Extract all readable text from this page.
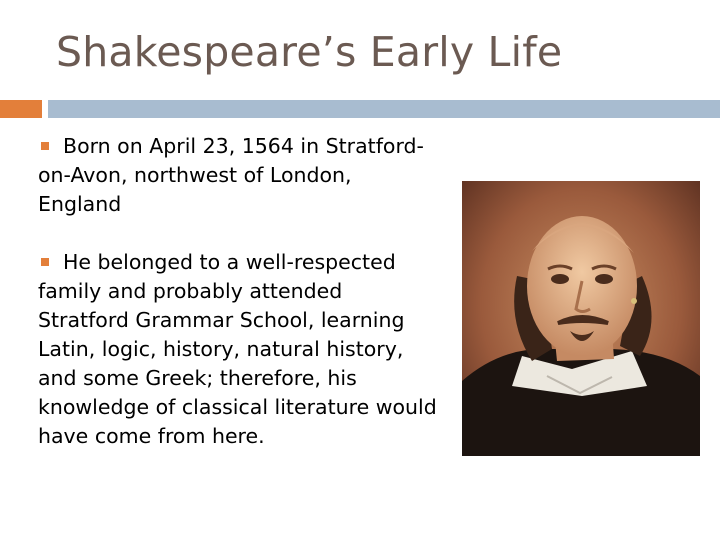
Shakespeare’s Early Life

Born on April 23, 1564 in Stratford-on-Avon, northwest of London, England

He belonged to a well-respected family and probably attended Stratford Grammar School, learning Latin, logic, history, natural history, and some Greek; therefore, his knowledge of classical literature would have come from here.
